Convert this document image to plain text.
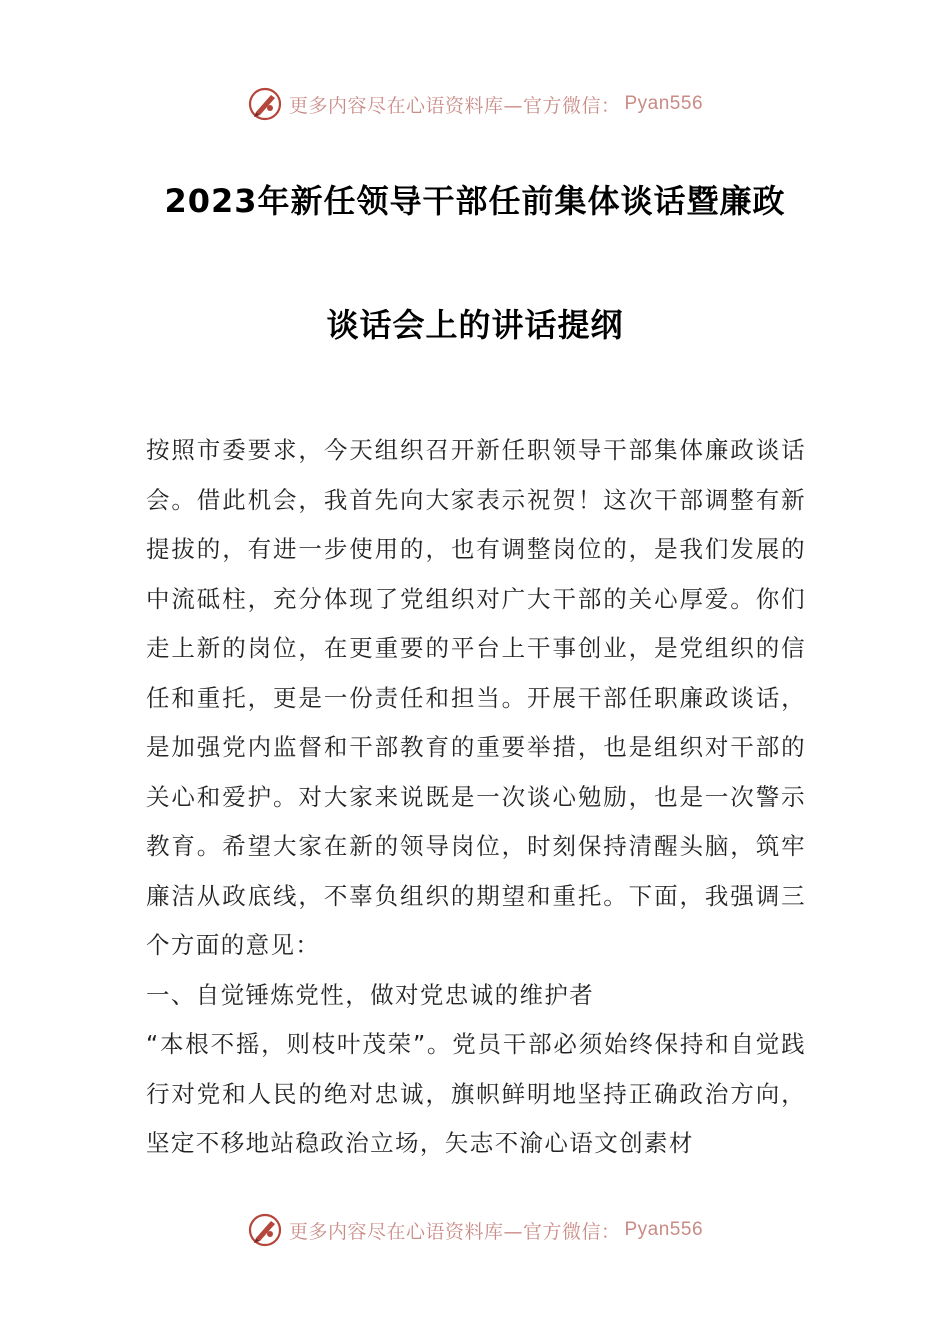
更多内容尽在心语资料库—官方微信： Pyan556
2023年新任领导干部任前集体谈话暨廉政
谈话会上的讲话提纲

按照市委要求，今天组织召开新任职领导干部集体廉政谈话会。借此机会，我首先向大家表示祝贺！这次干部调整有新提拔的，有进一步使用的，也有调整岗位的，是我们发展的中流砥柱，充分体现了党组织对广大干部的关心厚爱。你们走上新的岗位，在更重要的平台上干事创业，是党组织的信任和重托，更是一份责任和担当。开展干部任职廉政谈话，是加强党内监督和干部教育的重要举措，也是组织对干部的关心和爱护。对大家来说既是一次谈心勉励，也是一次警示教育。希望大家在新的领导岗位，时刻保持清醒头脑，筑牢廉洁从政底线，不辜负组织的期望和重托。下面，我强调三个方面的意见：

一、自觉锤炼党性，做对党忠诚的维护者

“本根不摇，则枝叶茂荣”。党员干部必须始终保持和自觉践行对党和人民的绝对忠诚，旗帜鲜明地坚持正确政治方向，坚定不移地站稳政治立场，矢志不渝心语文创素材

更多内容尽在心语资料库—官方微信： Pyan556
